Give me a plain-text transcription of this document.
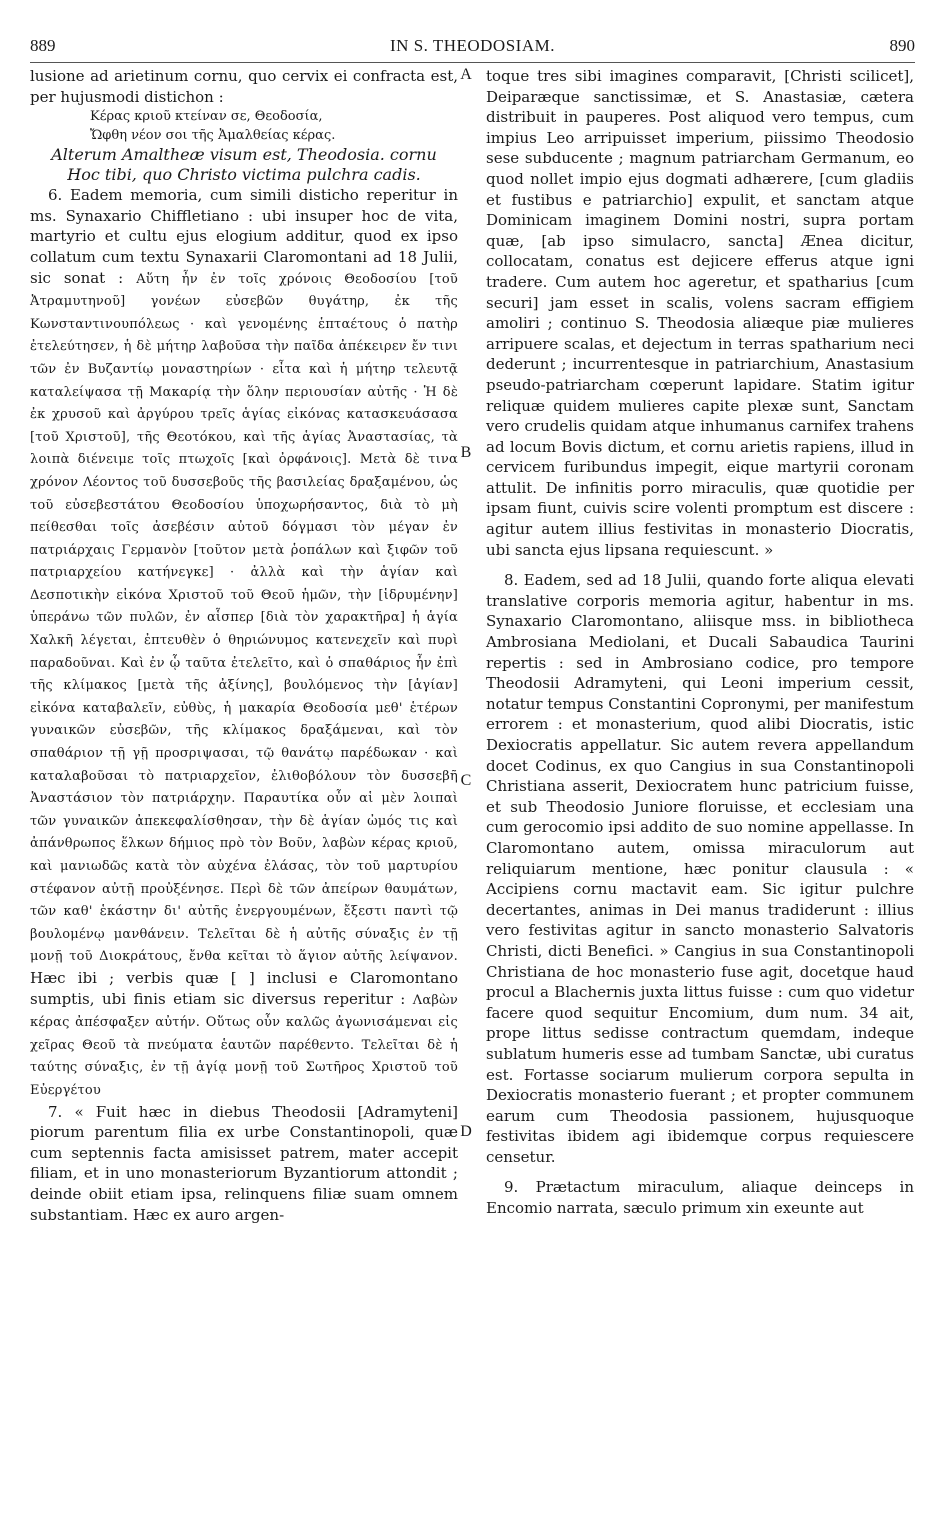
889	IN S. THEODOSIAM.	890
A
B
C
D

lusione ad arietinum cornu, quo cervix ei confracta est, per hujusmodi distichon :

Κέρας κριοῦ κτείναν σε, Θεοδοσία,

Ὤφθη νέον σοι τῆς Ἀμαλθείας κέρας.

Alterum Amaltheæ visum est, Theodosia. cornu

Hoc tibi, quo Christo victima pulchra cadis.

6. Eadem memoria, cum simili disticho reperitur in ms. Synaxario Chiffletiano : ubi insuper hoc de vita, martyrio et cultu ejus elogium additur, quod ex ipso collatum cum textu Synaxarii Claromontani ad 18 Julii, sic sonat : Αὕτη ἦν ἐν τοῖς χρόνοις Θεοδοσίου [τοῦ Ἀτραμυτηνοῦ] γονέων εὐσεβῶν θυγάτηρ, ἐκ τῆς Κωνσταντινουπόλεως · καὶ γενομένης ἑπταέτους ὁ πατὴρ ἐτελεύτησεν, ἡ δὲ μήτηρ λαβοῦσα τὴν παῖδα ἀπέκειρεν ἔν τινι τῶν ἐν Βυζαντίῳ μοναστηρίων · εἶτα καὶ ἡ μήτηρ τελευτᾷ καταλείψασα τῇ Μακαρίᾳ τὴν ὅλην περιουσίαν αὐτῆς · Ἡ δὲ ἐκ χρυσοῦ καὶ ἀργύρου τρεῖς ἁγίας εἰκόνας κατασκευάσασα [τοῦ Χριστοῦ], τῆς Θεοτόκου, καὶ τῆς ἁγίας Ἀναστασίας, τὰ λοιπὰ διένειμε τοῖς πτωχοῖς [καὶ ὀρφάνοις]. Μετὰ δὲ τινα χρόνον Λέοντος τοῦ δυσσεβοῦς τῆς βασιλείας δραξαμένου, ὡς τοῦ εὐσεβεστάτου Θεοδοσίου ὑποχωρήσαντος, διὰ τὸ μὴ πείθεσθαι τοῖς ἀσεβέσιν αὐτοῦ δόγμασι τὸν μέγαν ἐν πατριάρχαις Γερμανὸν [τοῦτον μετὰ ῥοπάλων καὶ ξιφῶν τοῦ πατριαρχείου κατήνεγκε] · ἀλλὰ καὶ τὴν ἁγίαν καὶ Δεσποτικὴν εἰκόνα Χριστοῦ τοῦ Θεοῦ ἡμῶν, τὴν [ἱδρυμένην] ὑπεράνω τῶν πυλῶν, ἐν αἷσπερ [διὰ τὸν χαρακτῆρα] ἡ ἁγία Χαλκῆ λέγεται, ἐπτευθὲν ὁ θηριώνυμος κατενεχεῖν καὶ πυρὶ παραδοῦναι. Καὶ ἐν ᾧ ταῦτα ἐτελεῖτο, καὶ ὁ σπαθάριος ἦν ἐπὶ τῆς κλίμακος [μετὰ τῆς ἀξίνης], βουλόμενος τὴν [ἁγίαν] εἰκόνα καταβαλεῖν, εὐθὺς, ἡ μακαρία Θεοδοσία μεθ' ἑτέρων γυναικῶν εὐσεβῶν, τῆς κλίμακος δραξάμεναι, καὶ τὸν σπαθάριον τῇ γῇ προσριψασαι, τῷ θανάτῳ παρέδωκαν · καὶ καταλαβοῦσαι τὸ πατριαρχεῖον, ἐλιθοβόλουν τὸν δυσσεβῆ Ἀναστάσιον τὸν πατριάρχην. Παραυτίκα οὖν αἱ μὲν λοιπαὶ τῶν γυναικῶν ἀπεκεφαλίσθησαν, τὴν δὲ ἁγίαν ὠμός τις καὶ ἀπάνθρωπος ἕλκων δήμιος πρὸ τὸν Βοῦν, λαβὼν κέρας κριοῦ, καὶ μανιωδῶς κατὰ τὸν αὐχένα ἐλάσας, τὸν τοῦ μαρτυρίου στέφανον αὐτῇ προὐξένησε. Περὶ δὲ τῶν ἀπείρων θαυμάτων, τῶν καθ' ἑκάστην δι' αὐτῆς ἐνεργουμένων, ἔξεστι παντὶ τῷ βουλομένῳ μανθάνειν. Τελεῖται δὲ ἡ αὐτῆς σύναξις ἐν τῇ μονῇ τοῦ Διοκράτους, ἔνθα κεῖται τὸ ἅγιον αὐτῆς λείψανον. Hæc ibi ; verbis quæ [ ] inclusi e Claromontano sumptis, ubi finis etiam sic diversus reperitur : Λαβὼν κέρας ἀπέσφαξεν αὐτήν. Οὕτως οὖν καλῶς ἀγωνισάμεναι εἰς χεῖρας Θεοῦ τὰ πνεύματα ἑαυτῶν παρέθεντο. Τελεῖται δὲ ἡ ταύτης σύναξις, ἐν τῇ ἁγίᾳ μονῇ τοῦ Σωτῆρος Χριστοῦ τοῦ Εὐεργέτου

7. « Fuit hæc in diebus Theodosii [Adramyteni] piorum parentum filia ex urbe Constantinopoli, quæ cum septennis facta amisisset patrem, mater accepit filiam, et in uno monasteriorum Byzantiorum attondit ; deinde obiit etiam ipsa, relinquens filiæ suam omnem substantiam. Hæc ex auro argen-

toque tres sibi imagines comparavit, [Christi scilicet], Deiparæque sanctissimæ, et S. Anastasiæ, cætera distribuit in pauperes. Post aliquod vero tempus, cum impius Leo arripuisset imperium, piissimo Theodosio sese subducente ; magnum patriarcham Germanum, eo quod nollet impio ejus dogmati adhærere, [cum gladiis et fustibus e patriarchio] expulit, et sanctam atque Dominicam imaginem Domini nostri, supra portam quæ, [ab ipso simulacro, sancta] Ænea dicitur, collocatam, conatus est dejicere efferus atque igni tradere. Cum autem hoc ageretur, et spatharius [cum securi] jam esset in scalis, volens sacram effigiem amoliri ; continuo S. Theodosia aliæque piæ mulieres arripuere scalas, et dejectum in terras spatharium neci dederunt ; incurrentesque in patriarchium, Anastasium pseudo-patriarcham cœperunt lapidare. Statim igitur reliquæ quidem mulieres capite plexæ sunt, Sanctam vero crudelis quidam atque inhumanus carnifex trahens ad locum Bovis dictum, et cornu arietis rapiens, illud in cervicem furibundus impegit, eique martyrii coronam attulit. De infinitis porro miraculis, quæ quotidie per ipsam fiunt, cuivis scire volenti promptum est discere : agitur autem illius festivitas in monasterio Diocratis, ubi sancta ejus lipsana requiescunt. »

8. Eadem, sed ad 18 Julii, quando forte aliqua elevati translative corporis memoria agitur, habentur in ms. Synaxario Claromontano, aliisque mss. in bibliotheca Ambrosiana Mediolani, et Ducali Sabaudica Taurini repertis : sed in Ambrosiano codice, pro tempore Theodosii Adramyteni, qui Leoni imperium cessit, notatur tempus Constantini Copronymi, per manifestum errorem : et monasterium, quod alibi Diocratis, istic Dexiocratis appellatur. Sic autem revera appellandum docet Codinus, ex quo Cangius in sua Constantinopoli Christiana asserit, Dexiocratem hunc patricium fuisse, et sub Theodosio Juniore floruisse, et ecclesiam una cum gerocomio ipsi addito de suo nomine appellasse. In Claromontano autem, omissa miraculorum aut reliquiarum mentione, hæc ponitur clausula : « Accipiens cornu mactavit eam. Sic igitur pulchre decertantes, animas in Dei manus tradiderunt : illius vero festivitas agitur in sancto monasterio Salvatoris Christi, dicti Benefici. » Cangius in sua Constantinopoli Christiana de hoc monasterio fuse agit, docetque haud procul a Blachernis juxta littus fuisse : cum quo videtur facere quod sequitur Encomium, dum num. 34 ait, prope littus sedisse contractum quemdam, indeque sublatum humeris esse ad tumbam Sanctæ, ubi curatus est. Fortasse sociarum mulierum corpora sepulta in Dexiocratis monasterio fuerant ; et propter communem earum cum Theodosia passionem, hujusquoque festivitas ibidem agi ibidemque corpus requiescere censetur.

9. Prætactum miraculum, aliaque deinceps in Encomio narrata, sæculo primum xin exeunte aut
